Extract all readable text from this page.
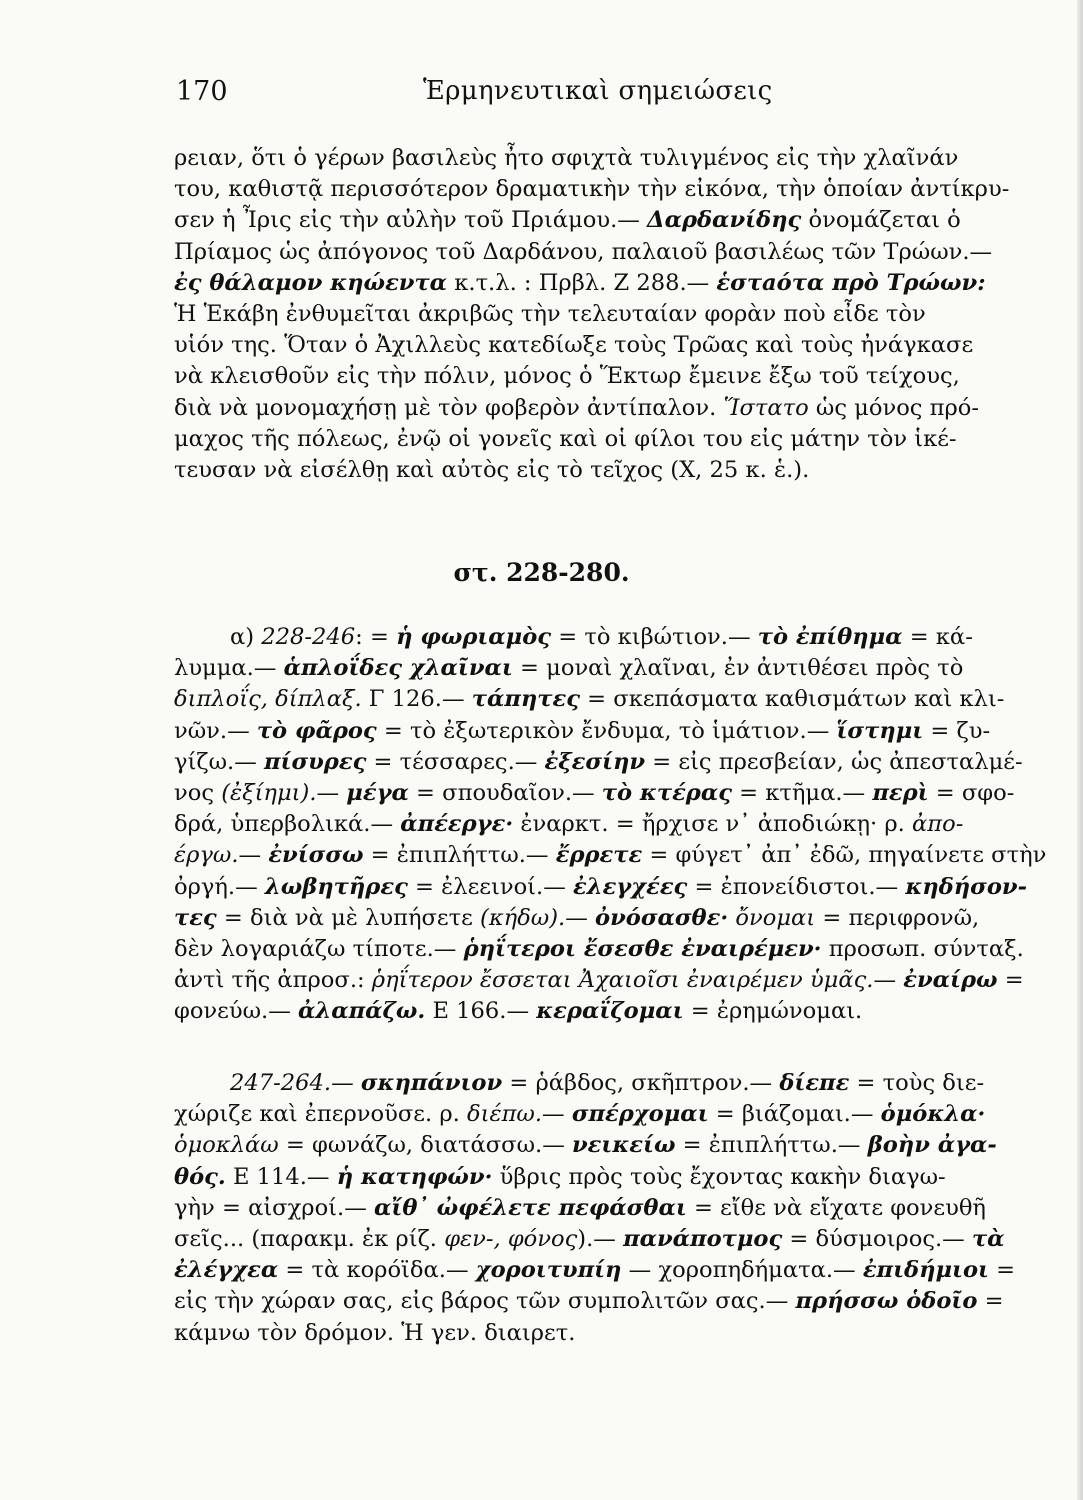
170	Ἑρμηνευτικαὶ σημειώσεις
ρειαν, ὅτι ὁ γέρων βασιλεὺς ἦτο σφιχτὰ τυλιγμένος εἰς τὴν χλαῖνάν
του, καθιστᾷ περισσότερον δραματικὴν τὴν εἰκόνα, τὴν ὁποίαν ἀντίκρυ-
σεν ἡ Ἶρις εἰς τὴν αὐλὴν τοῦ Πριάμου.— Δαρδανίδης ὀνομάζεται ὁ
Πρίαμος ὡς ἀπόγονος τοῦ Δαρδάνου, παλαιοῦ βασιλέως τῶν Τρώων.—
ἐς θάλαμον κηώεντα κ.τ.λ. : Πρβλ. Ζ 288.— ἑστaότα πρὸ Τρώων:
Ἡ Ἑκάβη ἐνθυμεῖται ἀκριβῶς τὴν τελευταίαν φορὰν ποὺ εἶδε τὸν
υἱόν της. Ὅταν ὁ Ἀχιλλεὺς κατεδίωξε τοὺς Τρῶας καὶ τοὺς ἠνάγκασε
νὰ κλεισθοῦν εἰς τὴν πόλιν, μόνος ὁ Ἕκτωρ ἔμεινε ἔξω τοῦ τείχους,
διὰ νὰ μονομαχήσῃ μὲ τὸν φοβερὸν ἀντίπαλον. Ἵστατο ὡς μόνος πρό-
μαχος τῆς πόλεως, ἐνῷ οἱ γονεῖς καὶ οἱ φίλοι του εἰς μάτην τὸν ἱκέ-
τευσαν νὰ εἰσέλθῃ καὶ αὐτὸς εἰς τὸ τεῖχος (Χ, 25 κ. ἑ.).
στ. 228-280.
α) 228-246: = ἡ φωριαμὸς = τὸ κιβώτιον.— τὸ ἐπίθημα = κά-
λυμμα.— ἁπλοΐδες χλαῖναι = μοναὶ χλαῖναι, ἐν ἀντιθέσει πρὸς τὸ
διπλοΐς, δίπλαξ. Γ 126.— τάπητες = σκεπάσματα καθισμάτων καὶ κλι-
νῶν.— τὸ φᾶρος = τὸ ἐξωτερικὸν ἔνδυμα, τὸ ἱμάτιον.— ἵστημι = ζυ-
γίζω.— πίσυρες = τέσσαρες.— ἐξεσίην = εἰς πρεσβείαν, ὡς ἀπεσταλμέ-
νος (ἐξίημι).— μέγα = σπουδαῖον.— τὸ κτέρας = κτῆμα.— περὶ = σφο-
δρά, ὑπερβολικά.— ἀπέεργε· ἐναρκτ. = ἤρχισε ν᾿ ἀποδιώκῃ· ρ. ἀπο-
έργω.— ἐνίσσω = ἐπιπλήττω.— ἔρρετε = φύγετ᾿ ἀπ᾿ ἐδῶ, πηγαίνετε στὴν
ὀργή.— λωβητῆρες = ἐλεεινοί.— ἐλεγχέες = ἐπονείδιστοι.— κηδήσον-
τες = διὰ νὰ μὲ λυπήσετε (κήδω).— ὀνόσασθε· ὄνομαι = περιφρονῶ,
δὲν λογαριάζω τίποτε.— ῥηΐτεροι ἔσεσθε ἐναιρέμεν· προσωπ. σύνταξ.
ἀντὶ τῆς ἀπροσ.: ῥηΐτερον ἔσσεται Ἀχαιοῖσι ἐναιρέμεν ὑμᾶς.— ἐναίρω =
φονεύω.— ἀλαπάζω. Ε 166.— κεραΐζομαι = ἐρημώνομαι.
247-264.— σκηπάνιον = ῥάβδος, σκῆπτρον.— δίεπε = τοὺς διε-
χώριζε καὶ ἐπερνοῦσε. ρ. διέπω.— σπέρχομαι = βιάζομαι.— ὁμόκλα·
ὁμοκλάω = φωνάζω, διατάσσω.— νεικείω = ἐπιπλήττω.— βοὴν ἀγα-
θός. Ε 114.— ἡ κατηφών· ὕβρις πρὸς τοὺς ἔχοντας κακὴν διαγω-
γὴν = αἰσχροί.— αἴθ᾿ ὠφέλετε πεφάσθαι = εἴθε νὰ εἴχατε φονευθῆ
σεῖς... (παρακμ. ἐκ ρίζ. φεν-, φόνος).— πανάποτμος = δύσμοιρος.— τὰ
ἐλέγχεα = τὰ κορόϊδα.— χοροιτυπίη — χοροπηδήματα.— ἐπιδήμιοι =
εἰς τὴν χώραν σας, εἰς βάρος τῶν συμπολιτῶν σας.— πρήσσω ὁδοῖο =
κάμνω τὸν δρόμον. Ἡ γεν. διαιρετ.
